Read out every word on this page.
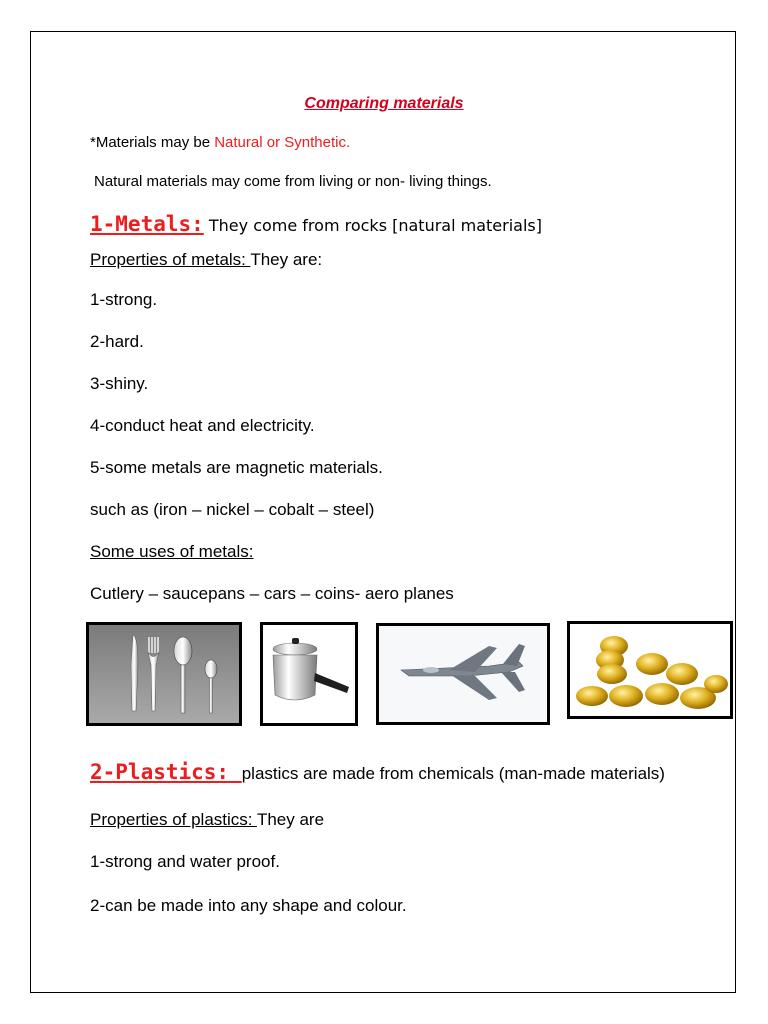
Comparing materials
*Materials may be Natural or Synthetic.
Natural materials may come from living or non- living things.
1-Metals: They come from rocks [natural materials]
Properties of metals: They are:
1-strong.
2-hard.
3-shiny.
4-conduct heat and electricity.
5-some metals are magnetic materials.
such as (iron – nickel – cobalt – steel)
Some uses of metals:
Cutlery – saucepans – cars – coins- aero planes
2-Plastics: plastics are made from chemicals (man-made materials)
Properties of plastics: They are
1-strong and water proof.
2-can be made into any shape and colour.
